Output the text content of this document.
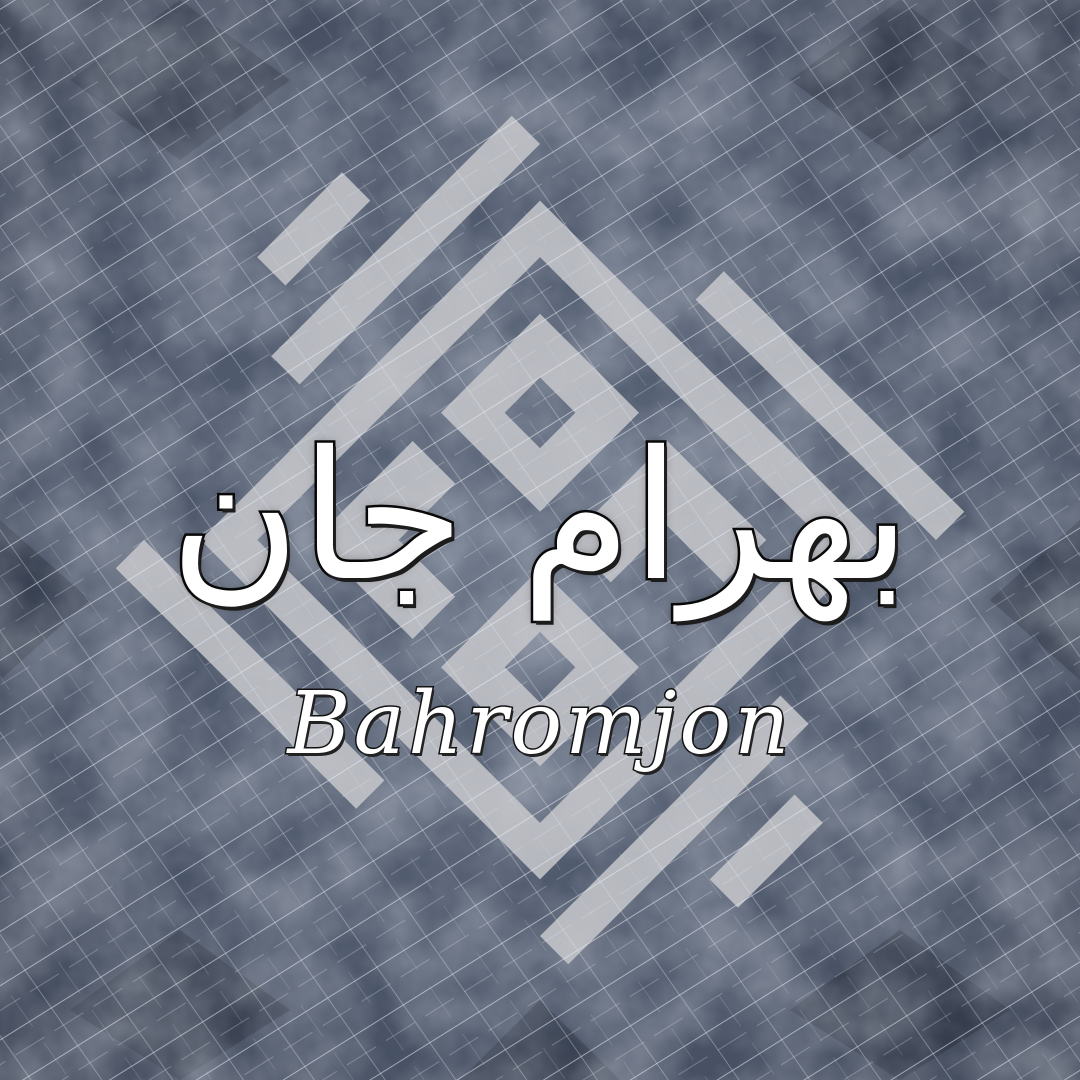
بهرام جان
Bahromjon
